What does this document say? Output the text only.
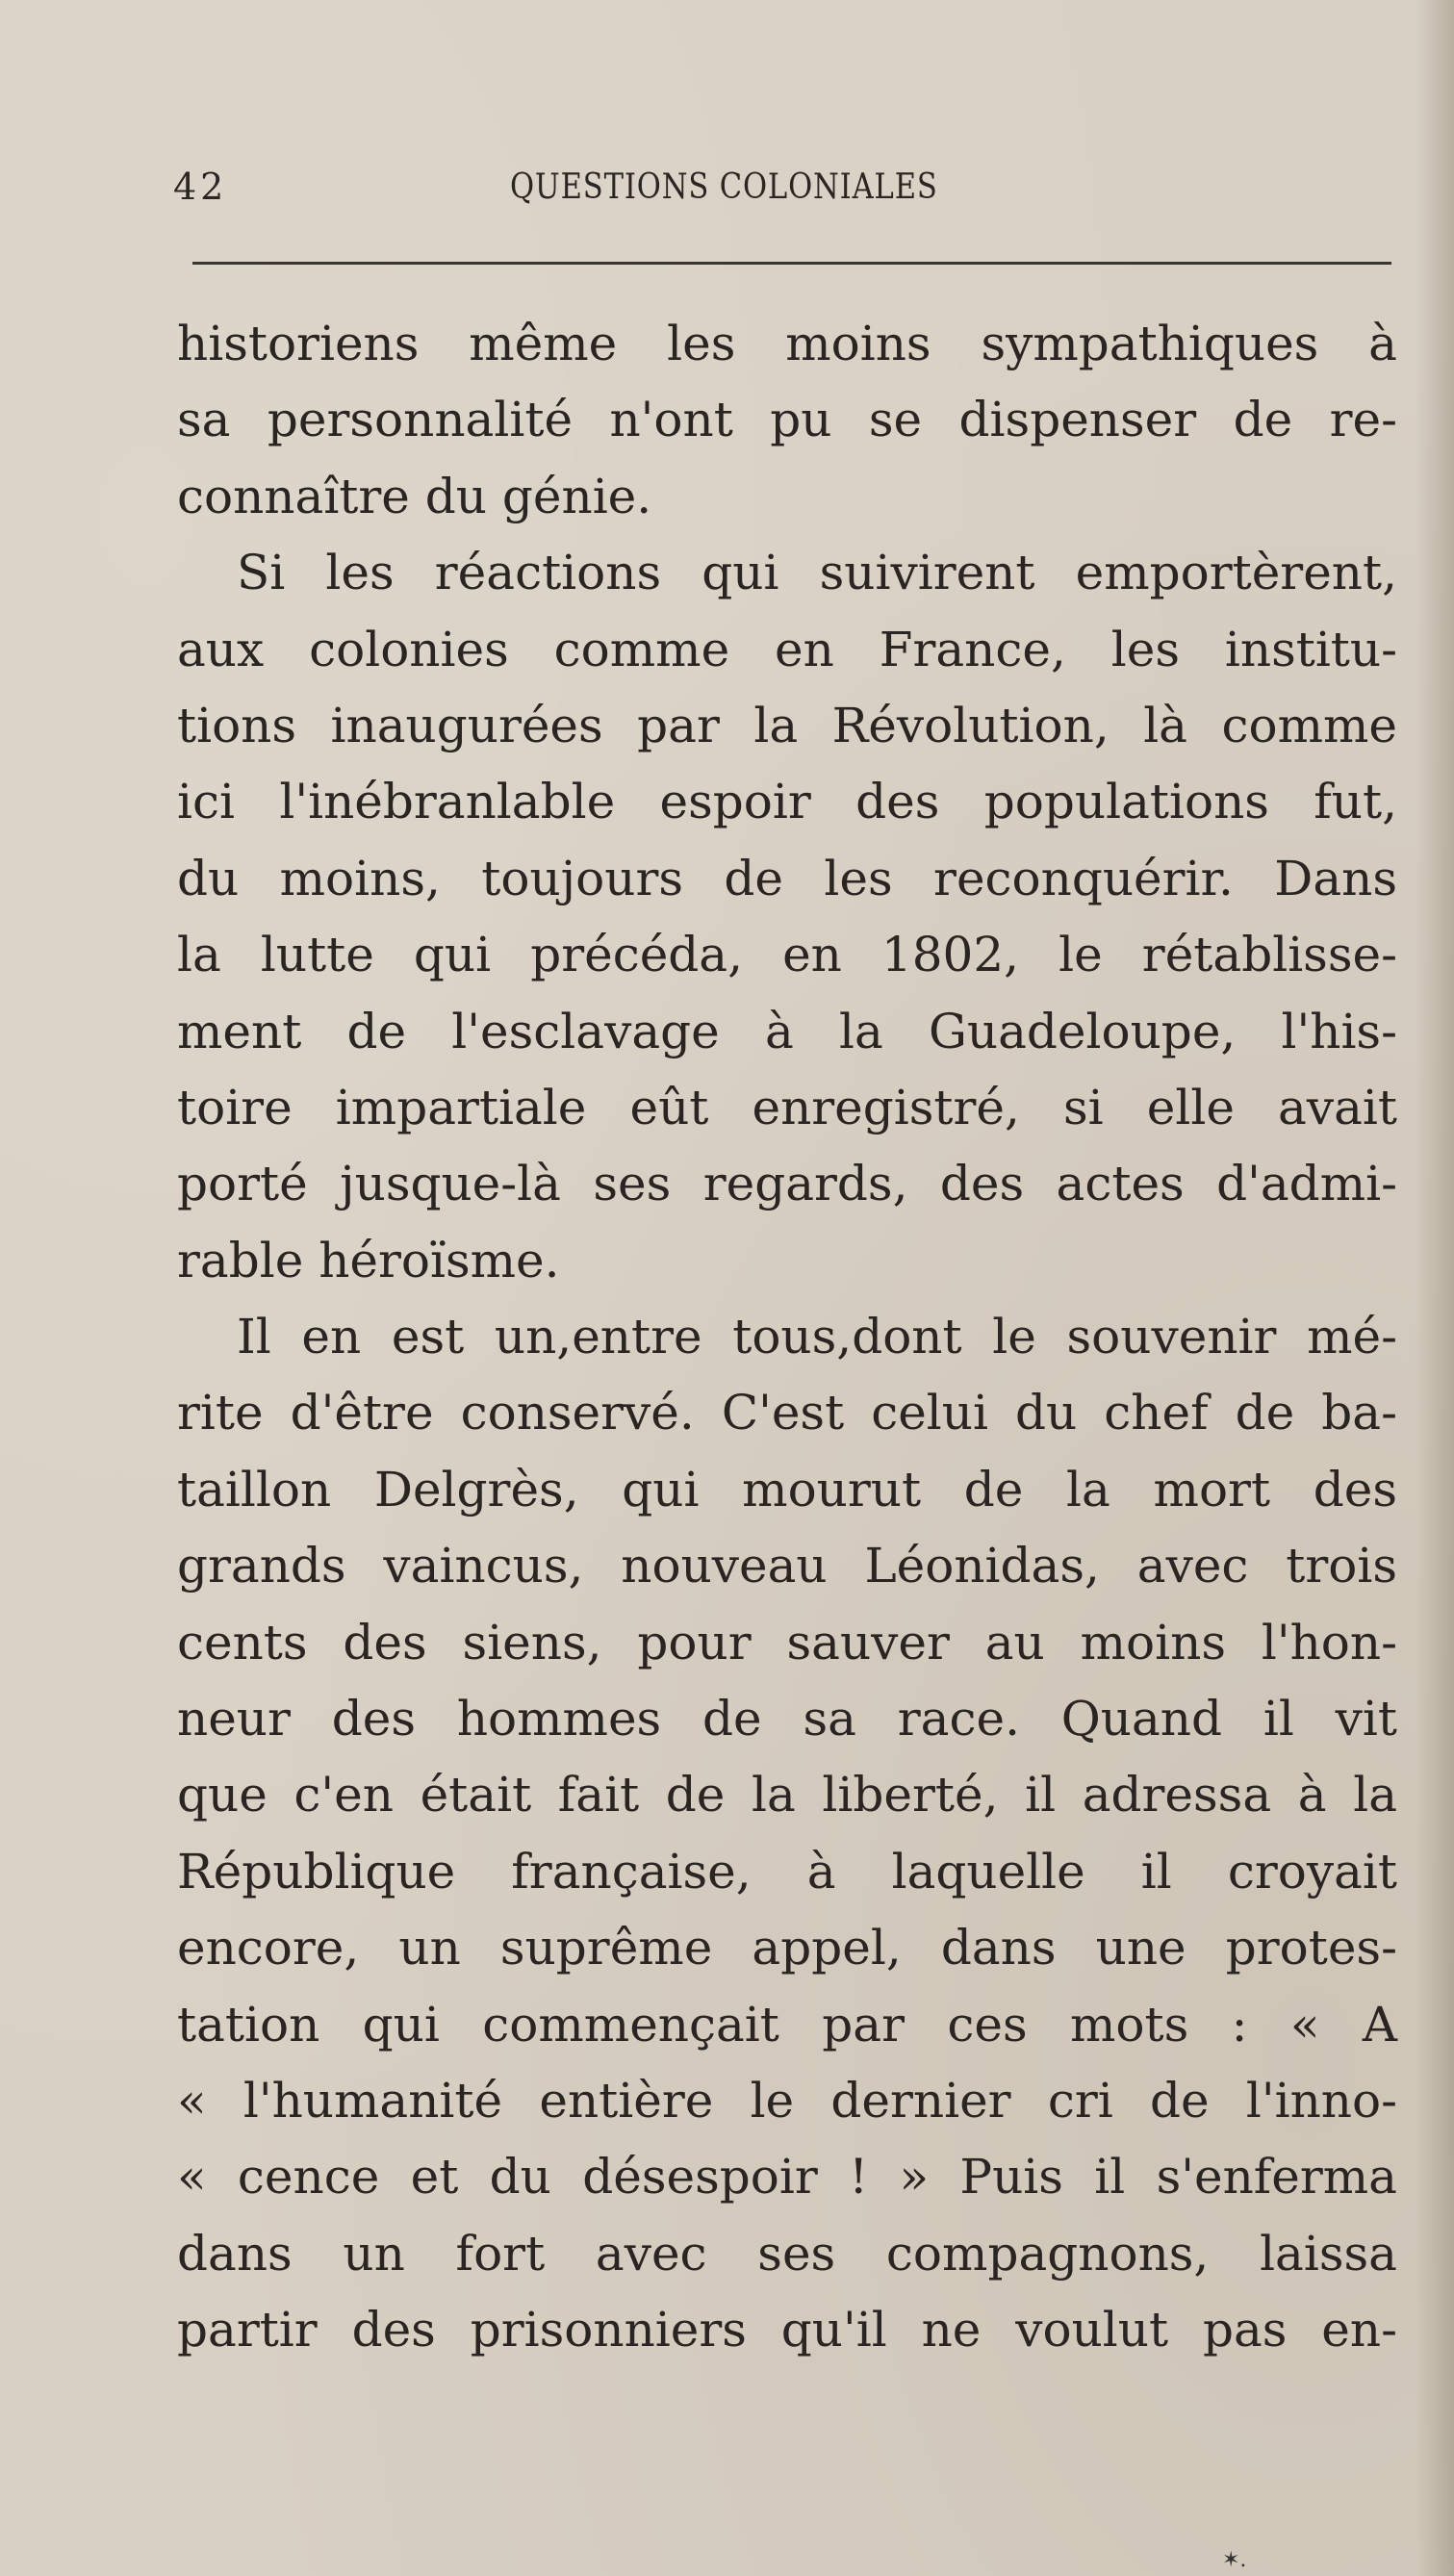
42	QUESTIONS COLONIALES
historiens même les moins sympathiques à
sa personnalité n'ont pu se dispenser de re-
connaître du génie.
Si les réactions qui suivirent emportèrent,
aux colonies comme en France, les institu-
tions inaugurées par la Révolution, là comme
ici l'inébranlable espoir des populations fut,
du moins, toujours de les reconquérir. Dans
la lutte qui précéda, en 1802, le rétablisse-
ment de l'esclavage à la Guadeloupe, l'his-
toire impartiale eût enregistré, si elle avait
porté jusque-là ses regards, des actes d'admi-
rable héroïsme.
Il en est un,entre tous,dont le souvenir mé-
rite d'être conservé. C'est celui du chef de ba-
taillon Delgrès, qui mourut de la mort des
grands vaincus, nouveau Léonidas, avec trois
cents des siens, pour sauver au moins l'hon-
neur des hommes de sa race. Quand il vit
que c'en était fait de la liberté, il adressa à la
République française, à laquelle il croyait
encore, un suprême appel, dans une protes-
tation qui commençait par ces mots : « A
« l'humanité entière le dernier cri de l'inno-
« cence et du désespoir ! » Puis il s'enferma
dans un fort avec ses compagnons, laissa
partir des prisonniers qu'il ne voulut pas en-
✶.
